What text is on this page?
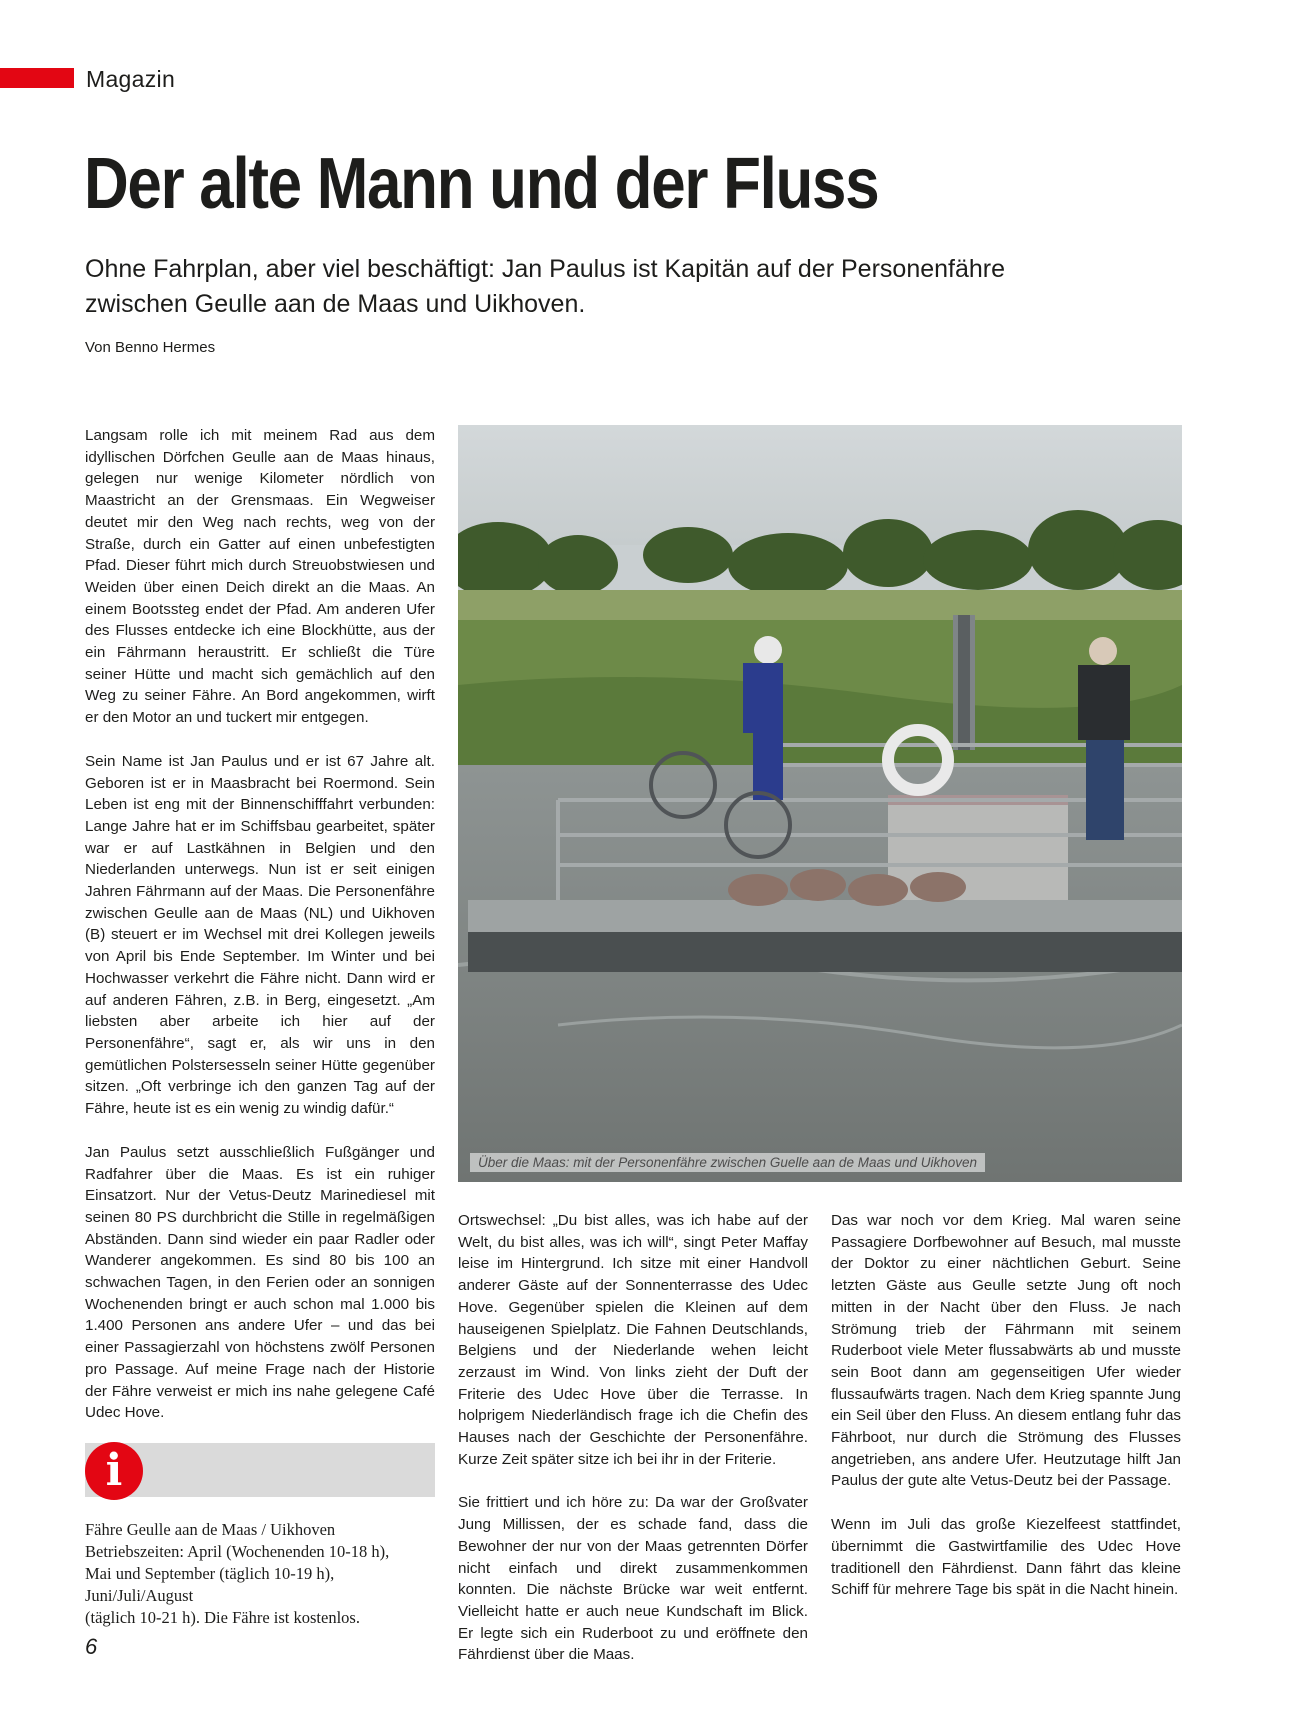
Magazin
Der alte Mann und der Fluss
Ohne Fahrplan, aber viel beschäftigt: Jan Paulus ist Kapitän auf der Personenfähre
zwischen Geulle aan de Maas und Uikhoven.
Von Benno Hermes

Langsam rolle ich mit meinem Rad aus dem idyllischen Dörfchen Geulle aan de Maas hinaus, gelegen nur wenige Kilometer nördlich von Maastricht an der Grensmaas. Ein Wegweiser deutet mir den Weg nach rechts, weg von der Straße, durch ein Gatter auf einen unbefestigten Pfad. Dieser führt mich durch Streuobstwiesen und Weiden über einen Deich direkt an die Maas. An einem Bootssteg endet der Pfad. Am anderen Ufer des Flusses entdecke ich eine Blockhütte, aus der ein Fährmann heraustritt. Er schließt die Türe seiner Hütte und macht sich gemächlich auf den Weg zu seiner Fähre. An Bord angekommen, wirft er den Motor an und tuckert mir entgegen.

Sein Name ist Jan Paulus und er ist 67 Jahre alt. Geboren ist er in Maasbracht bei Roermond. Sein Leben ist eng mit der Binnenschifffahrt verbunden: Lange Jahre hat er im Schiffsbau gearbeitet, später war er auf Lastkähnen in Belgien und den Niederlanden unterwegs. Nun ist er seit einigen Jahren Fährmann auf der Maas. Die Personenfähre zwischen Geulle aan de Maas (NL) und Uikhoven (B) steuert er im Wechsel mit drei Kollegen jeweils von April bis Ende September. Im Winter und bei Hochwasser verkehrt die Fähre nicht. Dann wird er auf anderen Fähren, z.B. in Berg, eingesetzt. „Am liebsten aber arbeite ich hier auf der Personenfähre“, sagt er, als wir uns in den gemütlichen Polstersesseln seiner Hütte gegenüber sitzen. „Oft verbringe ich den ganzen Tag auf der Fähre, heute ist es ein wenig zu windig dafür.“

Jan Paulus setzt ausschließlich Fußgänger und Radfahrer über die Maas. Es ist ein ruhiger Einsatzort. Nur der Vetus-Deutz Marinediesel mit seinen 80 PS durchbricht die Stille in regelmäßigen Abständen. Dann sind wieder ein paar Radler oder Wanderer angekommen. Es sind 80 bis 100 an schwachen Tagen, in den Ferien oder an sonnigen Wochenenden bringt er auch schon mal 1.000 bis 1.400 Personen ans andere Ufer – und das bei einer Passagierzahl von höchstens zwölf Personen pro Passage. Auf meine Frage nach der Historie der Fähre verweist er mich ins nahe gelegene Café Udec Hove.

Über die Maas: mit der Personenfähre zwischen Guelle aan de Maas und Uikhoven

Ortswechsel: „Du bist alles, was ich habe auf der Welt, du bist alles, was ich will“, singt Peter Maffay leise im Hintergrund. Ich sitze mit einer Handvoll anderer Gäste auf der Sonnenterrasse des Udec Hove. Gegenüber spielen die Kleinen auf dem hauseigenen Spielplatz. Die Fahnen Deutschlands, Belgiens und der Niederlande wehen leicht zerzaust im Wind. Von links zieht der Duft der Friterie des Udec Hove über die Terrasse. In holprigem Niederländisch frage ich die Chefin des Hauses nach der Geschichte der Personenfähre. Kurze Zeit später sitze ich bei ihr in der Friterie.

Sie frittiert und ich höre zu: Da war der Großvater Jung Millissen, der es schade fand, dass die Bewohner der nur von der Maas getrennten Dörfer nicht einfach und direkt zusammenkommen konnten. Die nächste Brücke war weit entfernt. Vielleicht hatte er auch neue Kundschaft im Blick. Er legte sich ein Ruderboot zu und eröffnete den Fährdienst über die Maas.

Das war noch vor dem Krieg. Mal waren seine Passagiere Dorfbewohner auf Besuch, mal musste der Doktor zu einer nächtlichen Geburt. Seine letzten Gäste aus Geulle setzte Jung oft noch mitten in der Nacht über den Fluss. Je nach Strömung trieb der Fährmann mit seinem Ruderboot viele Meter flussabwärts ab und musste sein Boot dann am gegenseitigen Ufer wieder flussaufwärts tragen. Nach dem Krieg spannte Jung ein Seil über den Fluss. An diesem entlang fuhr das Fährboot, nur durch die Strömung des Flusses angetrieben, ans andere Ufer. Heutzutage hilft Jan Paulus der gute alte Vetus-Deutz bei der Passage.

Wenn im Juli das große Kiezelfeest stattfindet, übernimmt die Gastwirtfamilie des Udec Hove traditionell den Fährdienst. Dann fährt das kleine Schiff für mehrere Tage bis spät in die Nacht hinein.

i
Fähre Geulle aan de Maas / Uikhoven
Betriebszeiten: April (Wochenenden 10-18 h),
Mai und September (täglich 10-19 h),
Juni/Juli/August
(täglich 10-21 h). Die Fähre ist kostenlos.
6
